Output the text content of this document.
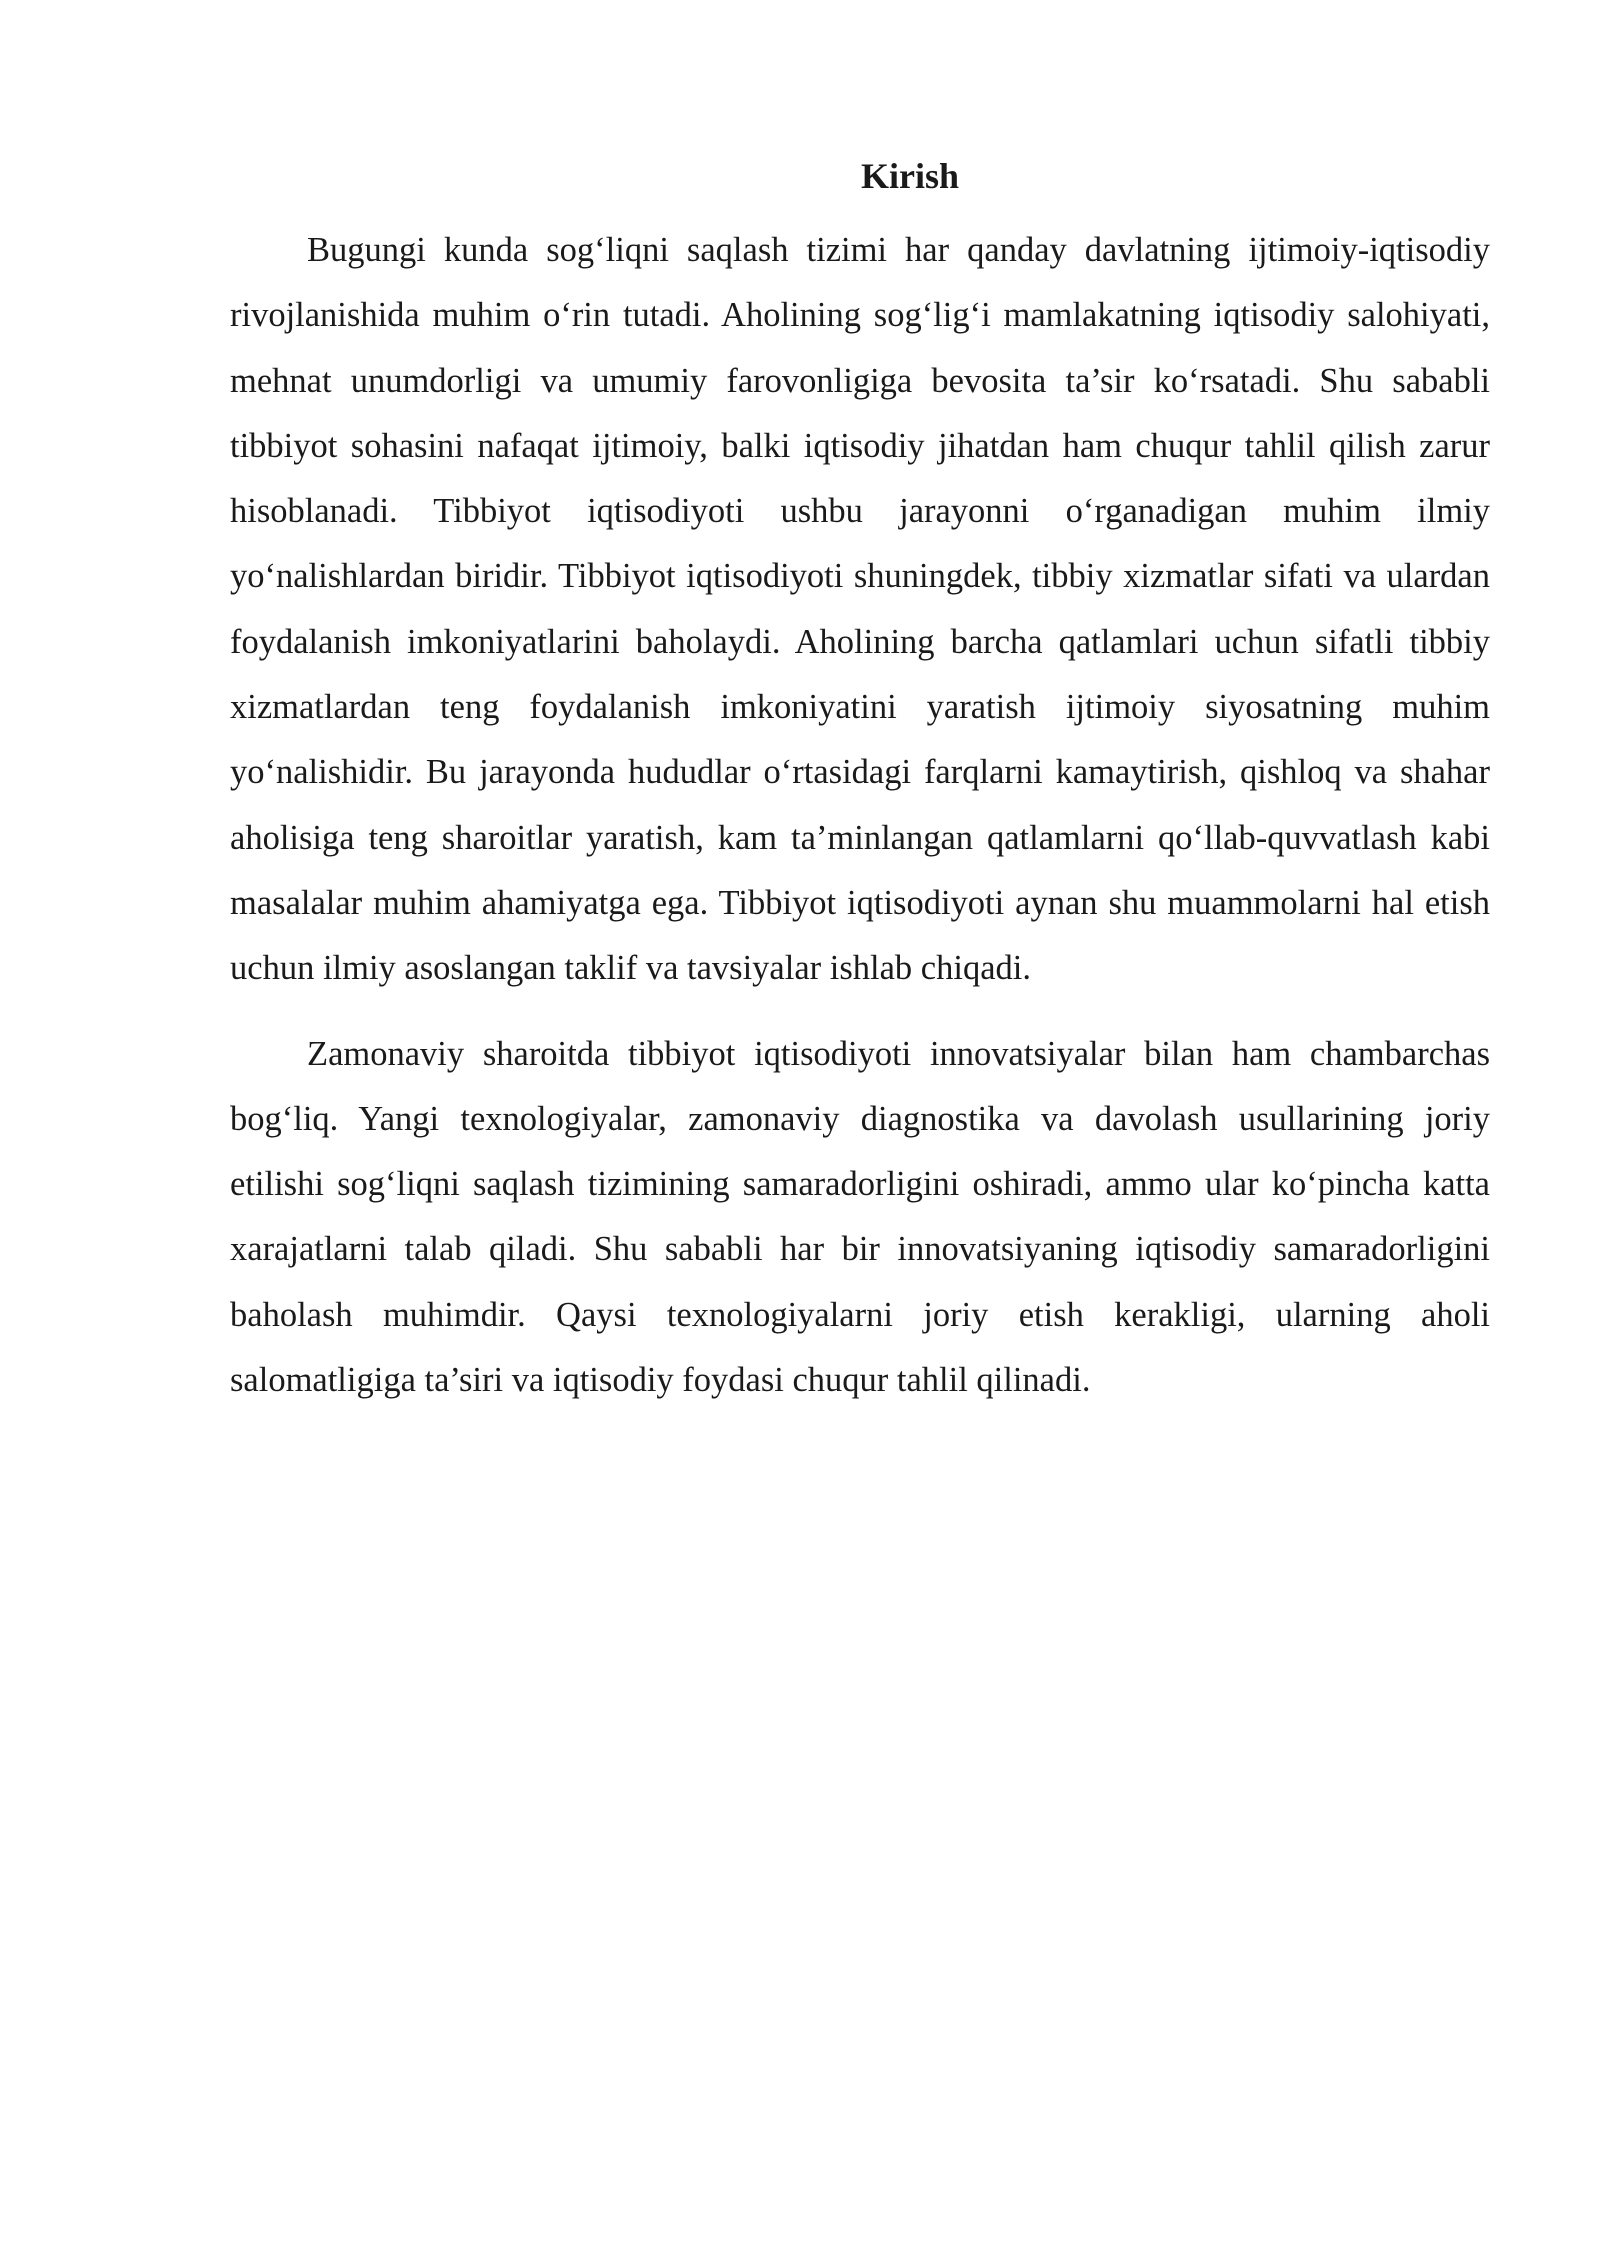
Kirish

Bugungi kunda sog‘liqni saqlash tizimi har qanday davlatning ijtimoiy-iqtisodiy rivojlanishida muhim o‘rin tutadi. Aholining sog‘lig‘i mamlakatning iqtisodiy salohiyati, mehnat unumdorligi va umumiy farovonligiga bevosita ta’sir ko‘rsatadi. Shu sababli tibbiyot sohasini nafaqat ijtimoiy, balki iqtisodiy jihatdan ham chuqur tahlil qilish zarur hisoblanadi. Tibbiyot iqtisodiyoti ushbu jarayonni o‘rganadigan muhim ilmiy yo‘nalishlardan biridir. Tibbiyot iqtisodiyoti shuningdek, tibbiy xizmatlar sifati va ulardan foydalanish imkoniyatlarini baholaydi. Aholining barcha qatlamlari uchun sifatli tibbiy xizmatlardan teng foydalanish imkoniyatini yaratish ijtimoiy siyosatning muhim yo‘nalishidir. Bu jarayonda hududlar o‘rtasidagi farqlarni kamaytirish, qishloq va shahar aholisiga teng sharoitlar yaratish, kam ta’minlangan qatlamlarni qo‘llab-quvvatlash kabi masalalar muhim ahamiyatga ega. Tibbiyot iqtisodiyoti aynan shu muammolarni hal etish uchun ilmiy asoslangan taklif va tavsiyalar ishlab chiqadi.

Zamonaviy sharoitda tibbiyot iqtisodiyoti innovatsiyalar bilan ham chambarchas bog‘liq. Yangi texnologiyalar, zamonaviy diagnostika va davolash usullarining joriy etilishi sog‘liqni saqlash tizimining samaradorligini oshiradi, ammo ular ko‘pincha katta xarajatlarni talab qiladi. Shu sababli har bir innovatsiyaning iqtisodiy samaradorligini baholash muhimdir. Qaysi texnologiyalarni joriy etish kerakligi, ularning aholi salomatligiga ta’siri va iqtisodiy foydasi chuqur tahlil qilinadi.
